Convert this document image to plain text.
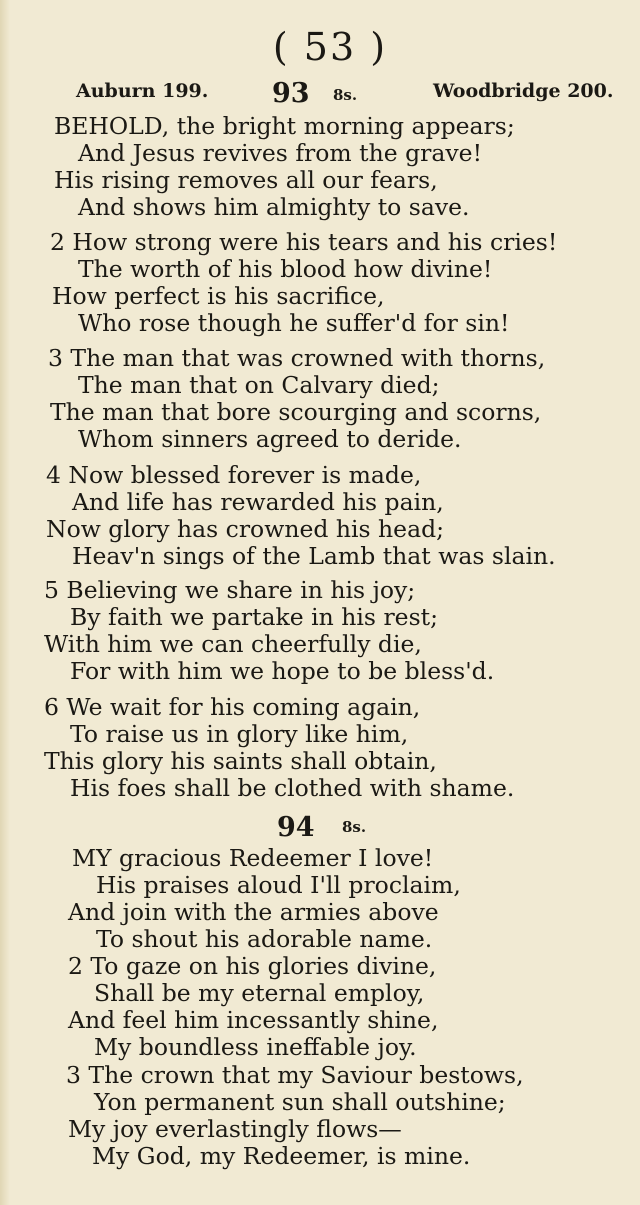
( 53 )
Auburn 199. 93 8s.	Woodbridge 200.
BEHOLD, the bright morning appears;
And Jesus revives from the grave!
His rising removes all our fears,
And shows him almighty to save.
2 How strong were his tears and his cries!
The worth of his blood how divine!
How perfect is his sacrifice,
Who rose though he suffer'd for sin!
3 The man that was crowned with thorns,
The man that on Calvary died;
The man that bore scourging and scorns,
Whom sinners agreed to deride.
4 Now blessed forever is made,
And life has rewarded his pain,
Now glory has crowned his head;
Heav'n sings of the Lamb that was slain.
5 Believing we share in his joy;
By faith we partake in his rest;
With him we can cheerfully die,
For with him we hope to be bless'd.
6 We wait for his coming again,
To raise us in glory like him,
This glory his saints shall obtain,
His foes shall be clothed with shame.
94 8s.
MY gracious Redeemer I love!
His praises aloud I'll proclaim,
And join with the armies above
To shout his adorable name.
2 To gaze on his glories divine,
Shall be my eternal employ,
And feel him incessantly shine,
My boundless ineffable joy.
3 The crown that my Saviour bestows,
Yon permanent sun shall outshine;
My joy everlastingly flows—
My God, my Redeemer, is mine.
